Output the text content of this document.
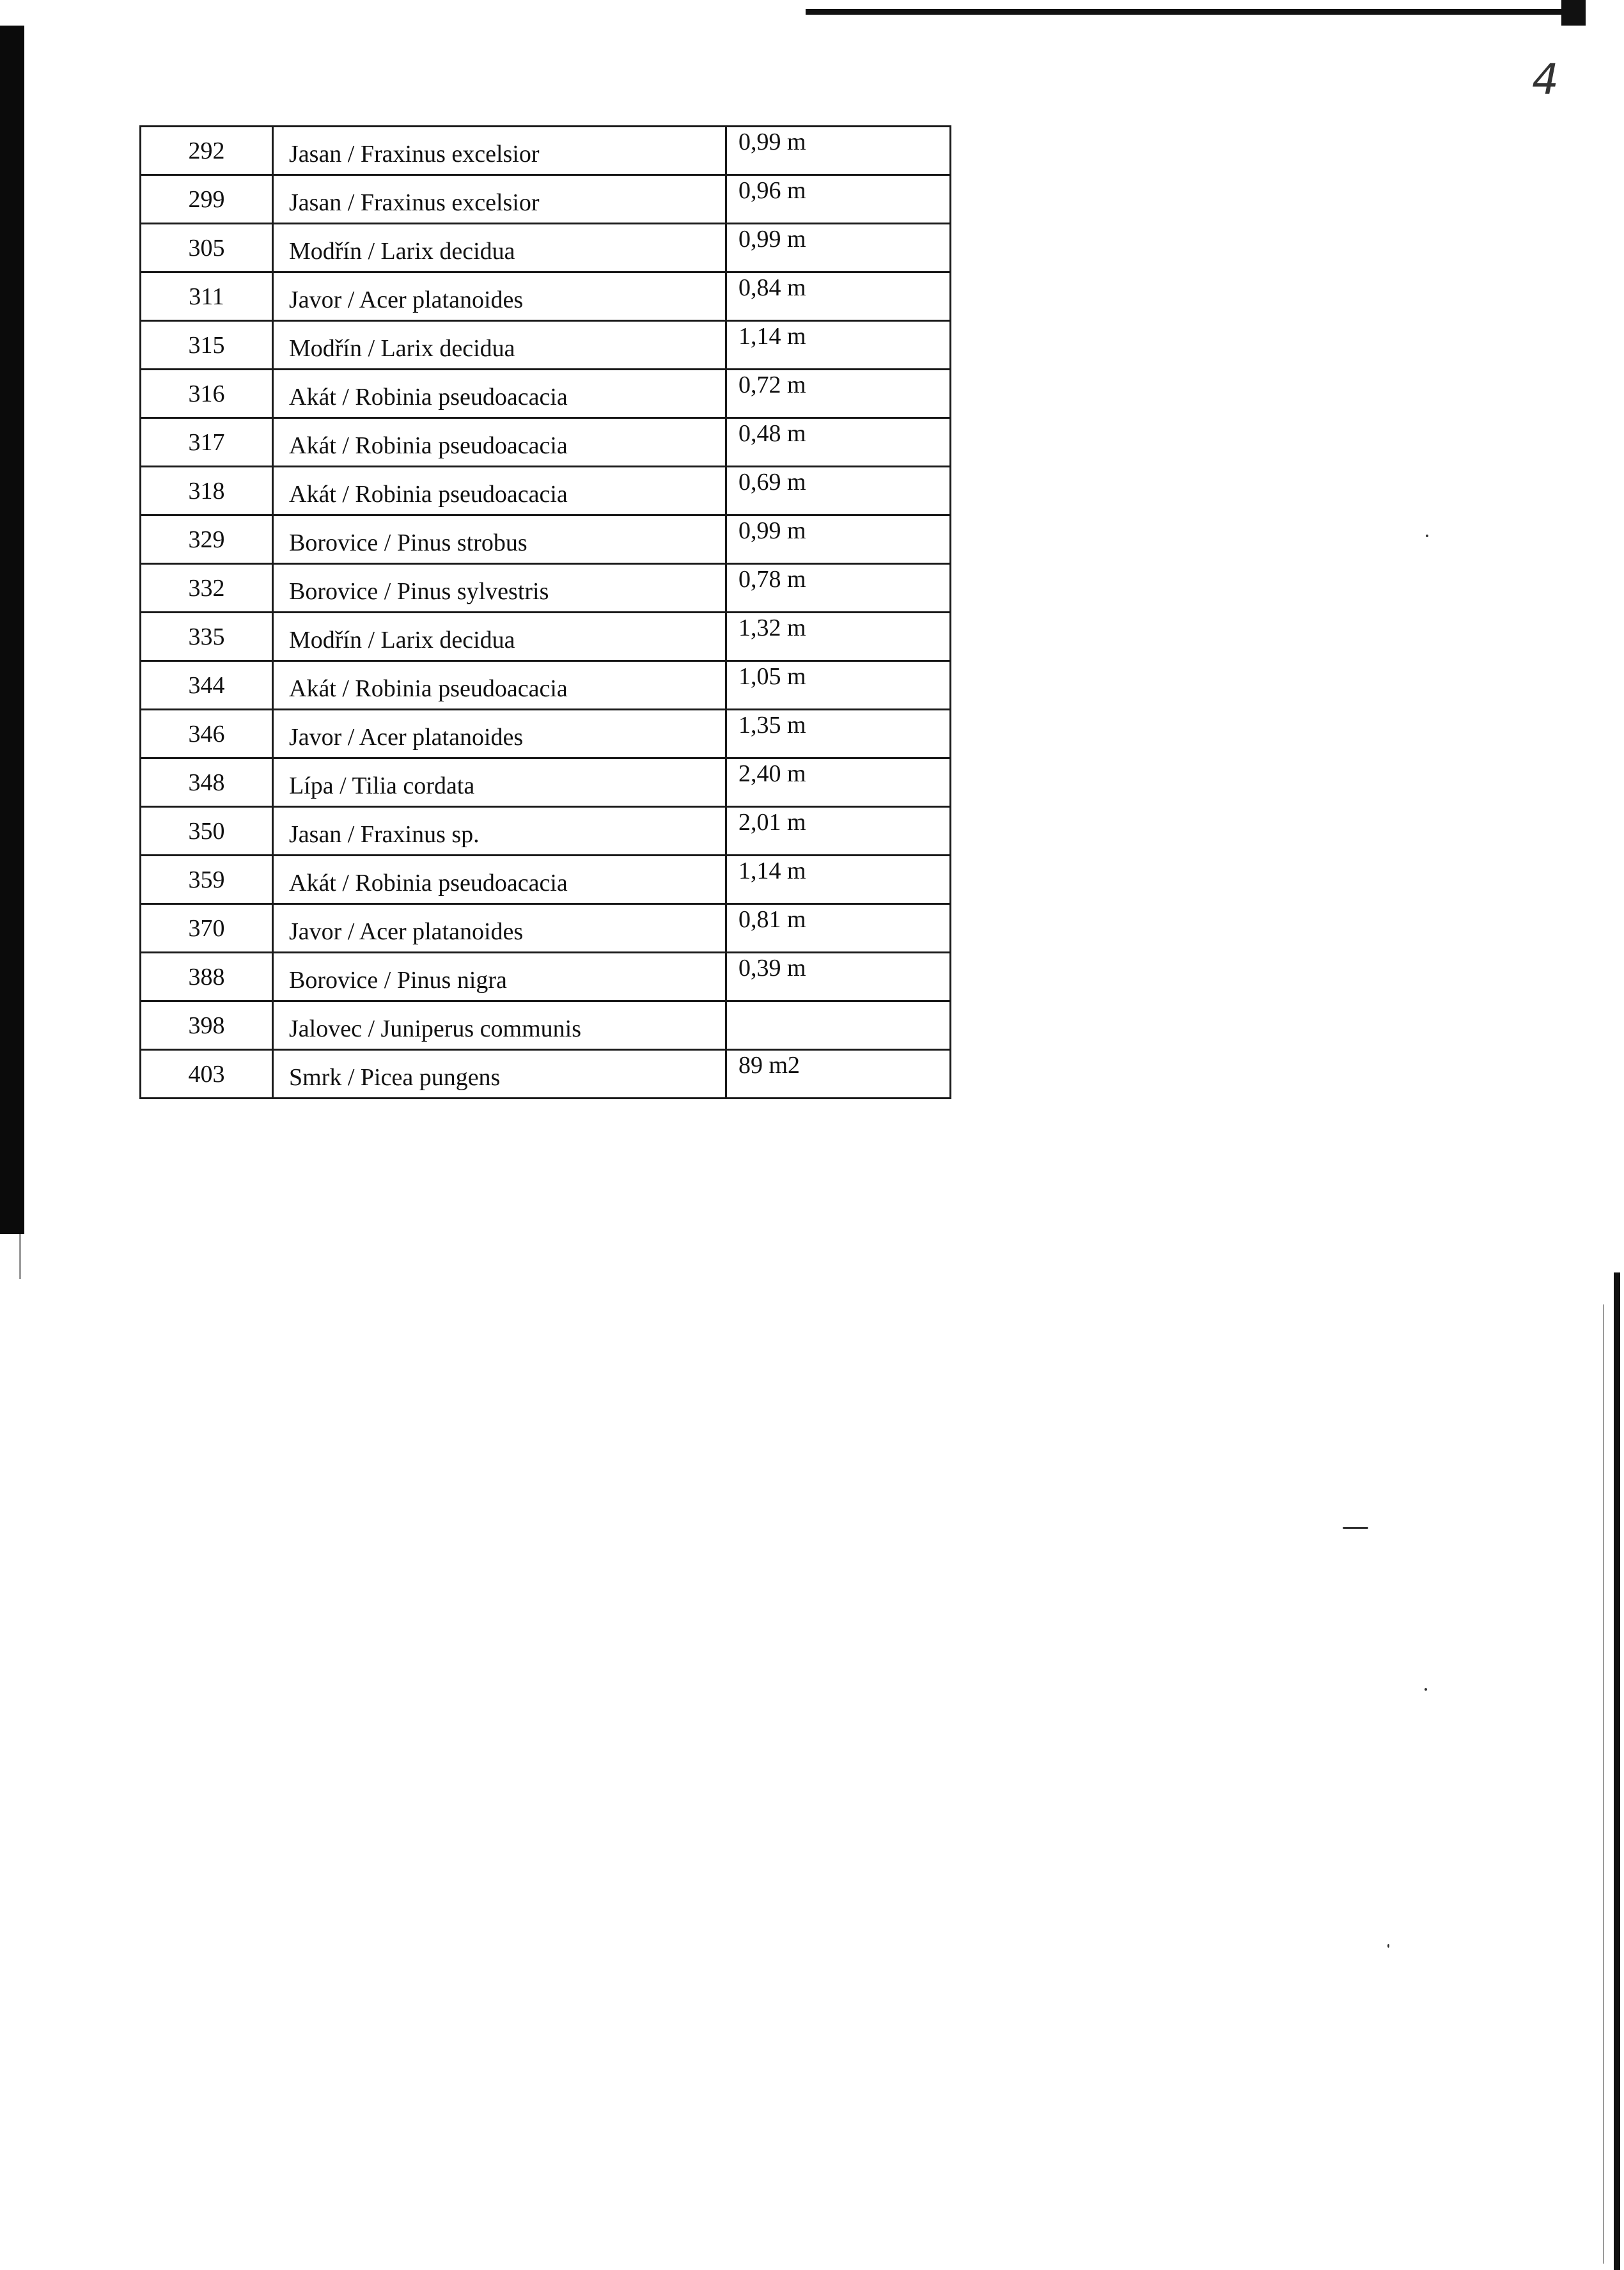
4
292	Jasan / Fraxinus excelsior	0,99 m
299	Jasan / Fraxinus excelsior	0,96 m
305	Modřín / Larix decidua	0,99 m
311	Javor / Acer platanoides	0,84 m
315	Modřín / Larix decidua	1,14 m
316	Akát / Robinia pseudoacacia	0,72 m
317	Akát / Robinia pseudoacacia	0,48 m
318	Akát / Robinia pseudoacacia	0,69 m
329	Borovice / Pinus strobus	0,99 m
332	Borovice / Pinus sylvestris	0,78 m
335	Modřín / Larix decidua	1,32 m
344	Akát / Robinia pseudoacacia	1,05 m
346	Javor / Acer platanoides	1,35 m
348	Lípa / Tilia cordata	2,40 m
350	Jasan / Fraxinus sp.	2,01 m
359	Akát / Robinia pseudoacacia	1,14 m
370	Javor / Acer platanoides	0,81 m
388	Borovice / Pinus nigra	0,39 m
398	Jalovec / Juniperus communis	
403	Smrk / Picea pungens	89 m2
